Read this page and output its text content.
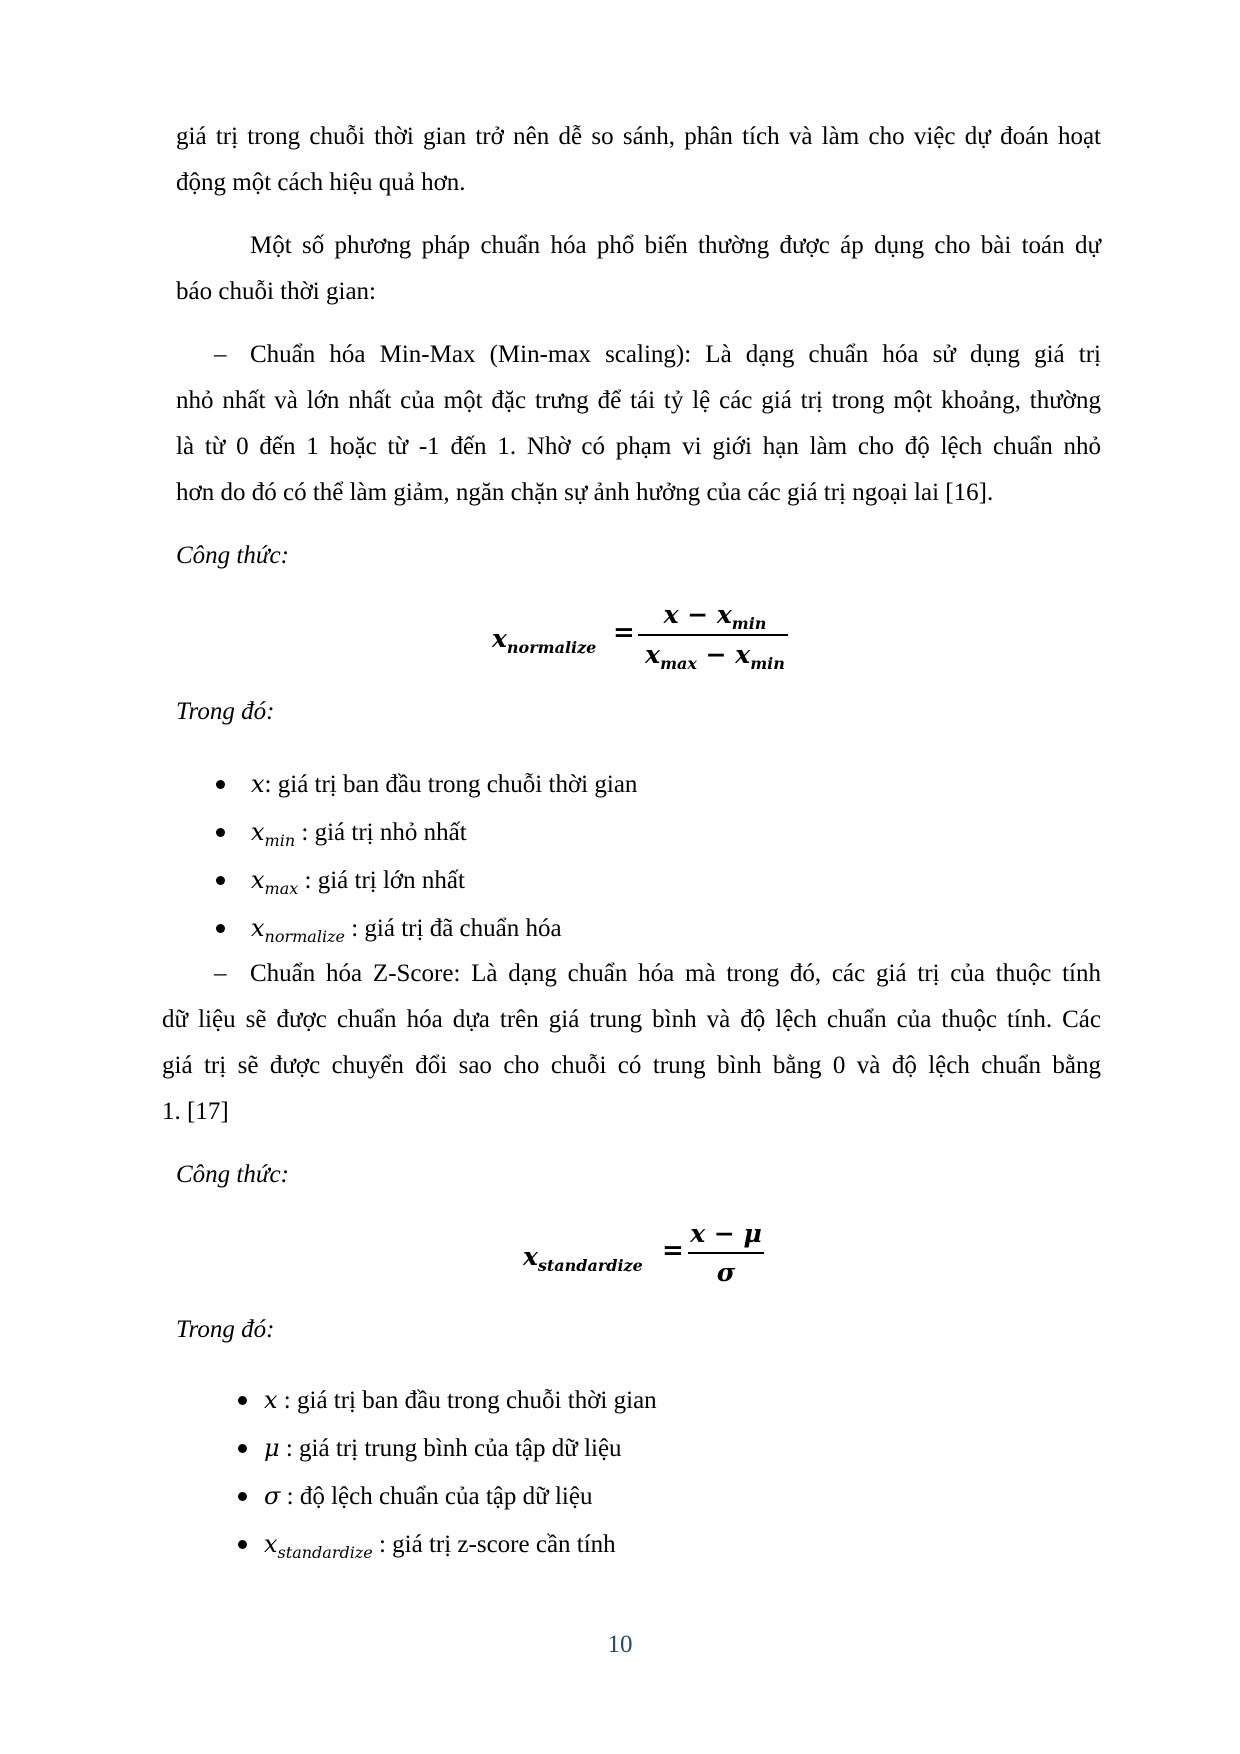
giá trị trong chuỗi thời gian trở nên dễ so sánh, phân tích và làm cho việc dự đoán hoạt
động một cách hiệu quả hơn.
Một số phương pháp chuẩn hóa phổ biến thường được áp dụng cho bài toán dự
báo chuỗi thời gian:
– Chuẩn hóa Min-Max (Min-max scaling): Là dạng chuẩn hóa sử dụng giá trị
nhỏ nhất và lớn nhất của một đặc trưng để tái tỷ lệ các giá trị trong một khoảng, thường
là từ 0 đến 1 hoặc từ -1 đến 1. Nhờ có phạm vi giới hạn làm cho độ lệch chuẩn nhỏ
hơn do đó có thể làm giảm, ngăn chặn sự ảnh hưởng của các giá trị ngoại lai [16].
Công thức:
$x_{normalize}$ =
$x - x_{min}$
$x_{max} - x_{min}$
Trong đó:
x: giá trị ban đầu trong chuỗi thời gian
$x_{min}$ : giá trị nhỏ nhất
$x_{max}$ : giá trị lớn nhất
$x_{normalize}$ : giá trị đã chuẩn hóa
– Chuẩn hóa Z-Score: Là dạng chuẩn hóa mà trong đó, các giá trị của thuộc tính
dữ liệu sẽ được chuẩn hóa dựa trên giá trung bình và độ lệch chuẩn của thuộc tính. Các
giá trị sẽ được chuyển đổi sao cho chuỗi có trung bình bằng 0 và độ lệch chuẩn bằng
1. [17]
Công thức:
$x_{standardize}$ =
x − μ
σ
Trong đó:
x : giá trị ban đầu trong chuỗi thời gian
μ : giá trị trung bình của tập dữ liệu
σ : độ lệch chuẩn của tập dữ liệu
$x_{standardize}$ : giá trị z-score cần tính
10
